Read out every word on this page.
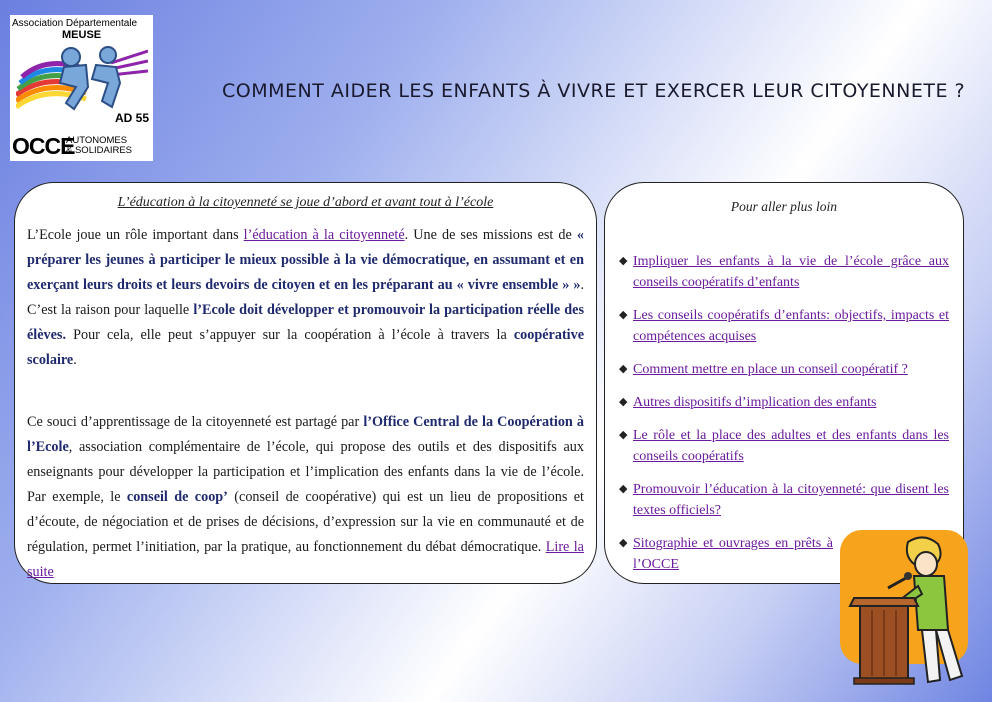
Association Départementale
MEUSE
AD 55
OCCE
AUTONOMES
& SOLIDAIRES
COMMENT AIDER LES ENFANTS À VIVRE ET EXERCER LEUR CITOYENNETE ?

L’éducation à la citoyenneté se joue d’abord et avant tout à l’école

L’Ecole joue un rôle important dans l’éducation à la citoyenneté. Une de ses missions est de « préparer les jeunes à participer le mieux possible à la vie démocratique, en assumant et en exerçant leurs droits et leurs devoirs de citoyen et en les préparant au « vivre ensemble » ». C’est la raison pour laquelle l’Ecole doit développer et promouvoir la participation réelle des élèves. Pour cela, elle peut s’appuyer sur la coopération à l’école à travers la coopérative scolaire.

Ce souci d’apprentissage de la citoyenneté est partagé par l’Office Central de la Coopération à l’Ecole, association complémentaire de l’école, qui propose des outils et des dispositifs aux enseignants pour développer la participation et l’implication des enfants dans la vie de l’école. Par exemple, le conseil de coop’ (conseil de coopérative) qui est un lieu de propositions et d’écoute, de négociation et de prises de décisions, d’expression sur la vie en communauté et de régulation, permet l’initiation, par la pratique, au fonctionnement du débat démocratique. Lire la suite

Pour aller plus loin

◆ Impliquer les enfants à la vie de l’école grâce aux conseils coopératifs d’enfants
◆ Les conseils coopératifs d’enfants: objectifs, impacts et compétences acquises
◆ Comment mettre en place un conseil coopératif ?
◆ Autres dispositifs d’implication des enfants
◆ Le rôle et la place des adultes et des enfants dans les conseils coopératifs
◆ Promouvoir l’éducation à la citoyenneté: que disent les textes officiels?
◆ Sitographie et ouvrages en prêts à l’OCCE
